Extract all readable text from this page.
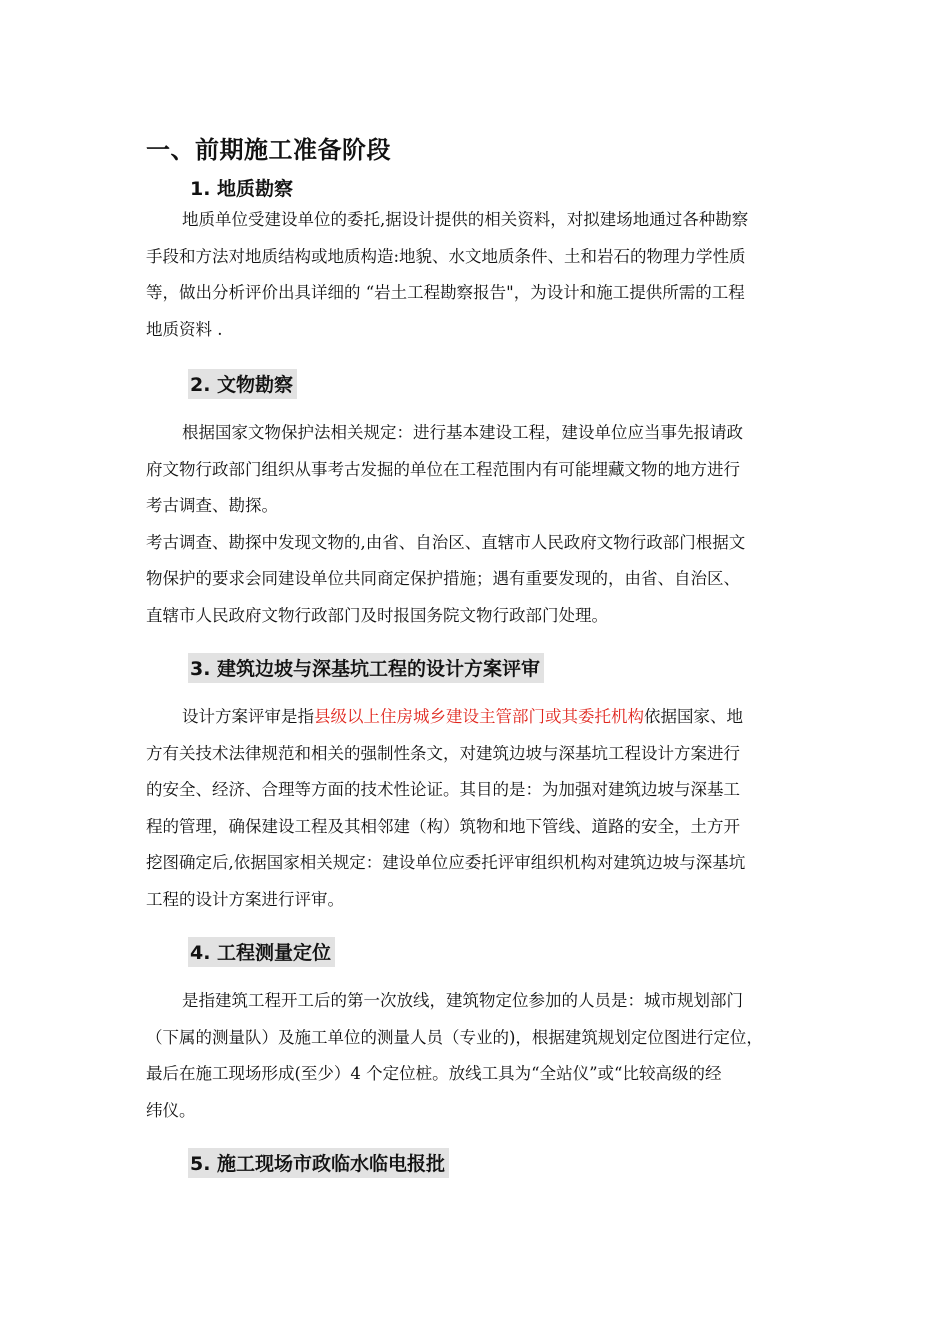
一、前期施工准备阶段
1. 地质勘察

地质单位受建设单位的委托,据设计提供的相关资料，对拟建场地通过各种勘察
手段和方法对地质结构或地质构造:地貌、水文地质条件、土和岩石的物理力学性质
等，做出分析评价出具详细的 “岩土工程勘察报告"，为设计和施工提供所需的工程
地质资料 .

2. 文物勘察

根据国家文物保护法相关规定：进行基本建设工程，建设单位应当事先报请政
府文物行政部门组织从事考古发掘的单位在工程范围内有可能埋藏文物的地方进行
考古调查、勘探。
考古调查、勘探中发现文物的,由省、自治区、直辖市人民政府文物行政部门根据文
物保护的要求会同建设单位共同商定保护措施；遇有重要发现的，由省、自治区、
直辖市人民政府文物行政部门及时报国务院文物行政部门处理。

3. 建筑边坡与深基坑工程的设计方案评审

设计方案评审是指县级以上住房城乡建设主管部门或其委托机构依据国家、地
方有关技术法律规范和相关的强制性条文，对建筑边坡与深基坑工程设计方案进行
的安全、经济、合理等方面的技术性论证。其目的是：为加强对建筑边坡与深基工
程的管理，确保建设工程及其相邻建（构）筑物和地下管线、道路的安全，土方开
挖图确定后,依据国家相关规定：建设单位应委托评审组织机构对建筑边坡与深基坑
工程的设计方案进行评审。

4. 工程测量定位

是指建筑工程开工后的第一次放线，建筑物定位参加的人员是：城市规划部门
（下属的测量队）及施工单位的测量人员（专业的)，根据建筑规划定位图进行定位，
最后在施工现场形成(至少）4 个定位桩。放线工具为“全站仪”或“比较高级的经
纬仪。

5. 施工现场市政临水临电报批
